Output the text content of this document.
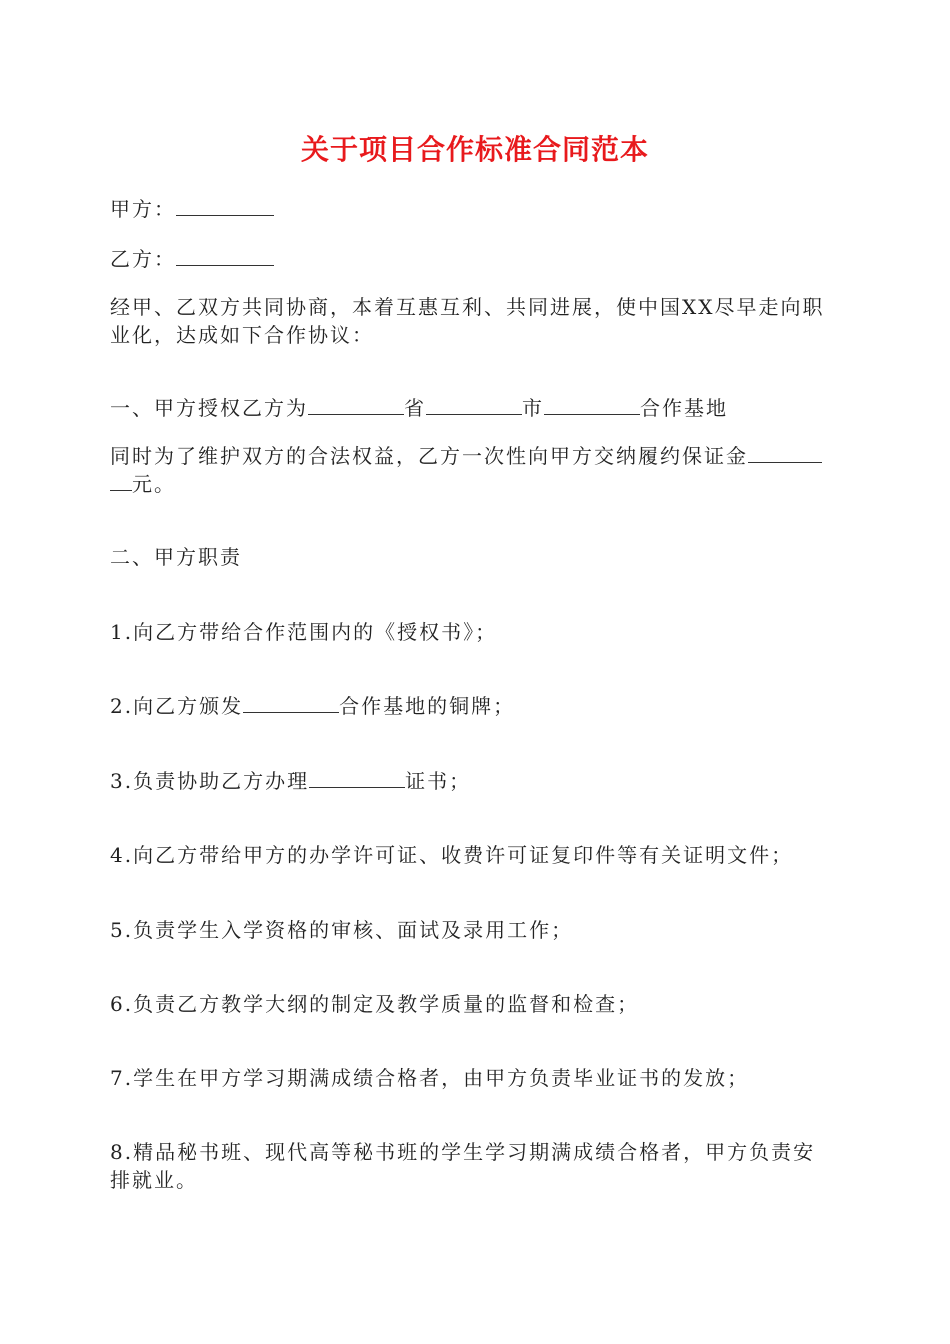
关于项目合作标准合同范本
甲方：
乙方：
经甲、乙双方共同协商，本着互惠互利、共同进展，使中国XX尽早走向职
业化，达成如下合作协议：
一、甲方授权乙方为	省	市	合作基地
同时为了维护双方的合法权益，乙方一次性向甲方交纳履约保证金
元。
二、甲方职责
1.向乙方带给合作范围内的《授权书》；
2.向乙方颁发	合作基地的铜牌；
3.负责协助乙方办理	证书；
4.向乙方带给甲方的办学许可证、收费许可证复印件等有关证明文件；
5.负责学生入学资格的审核、面试及录用工作；
6.负责乙方教学大纲的制定及教学质量的监督和检查；
7.学生在甲方学习期满成绩合格者，由甲方负责毕业证书的发放；
8.精品秘书班、现代高等秘书班的学生学习期满成绩合格者，甲方负责安
排就业。
